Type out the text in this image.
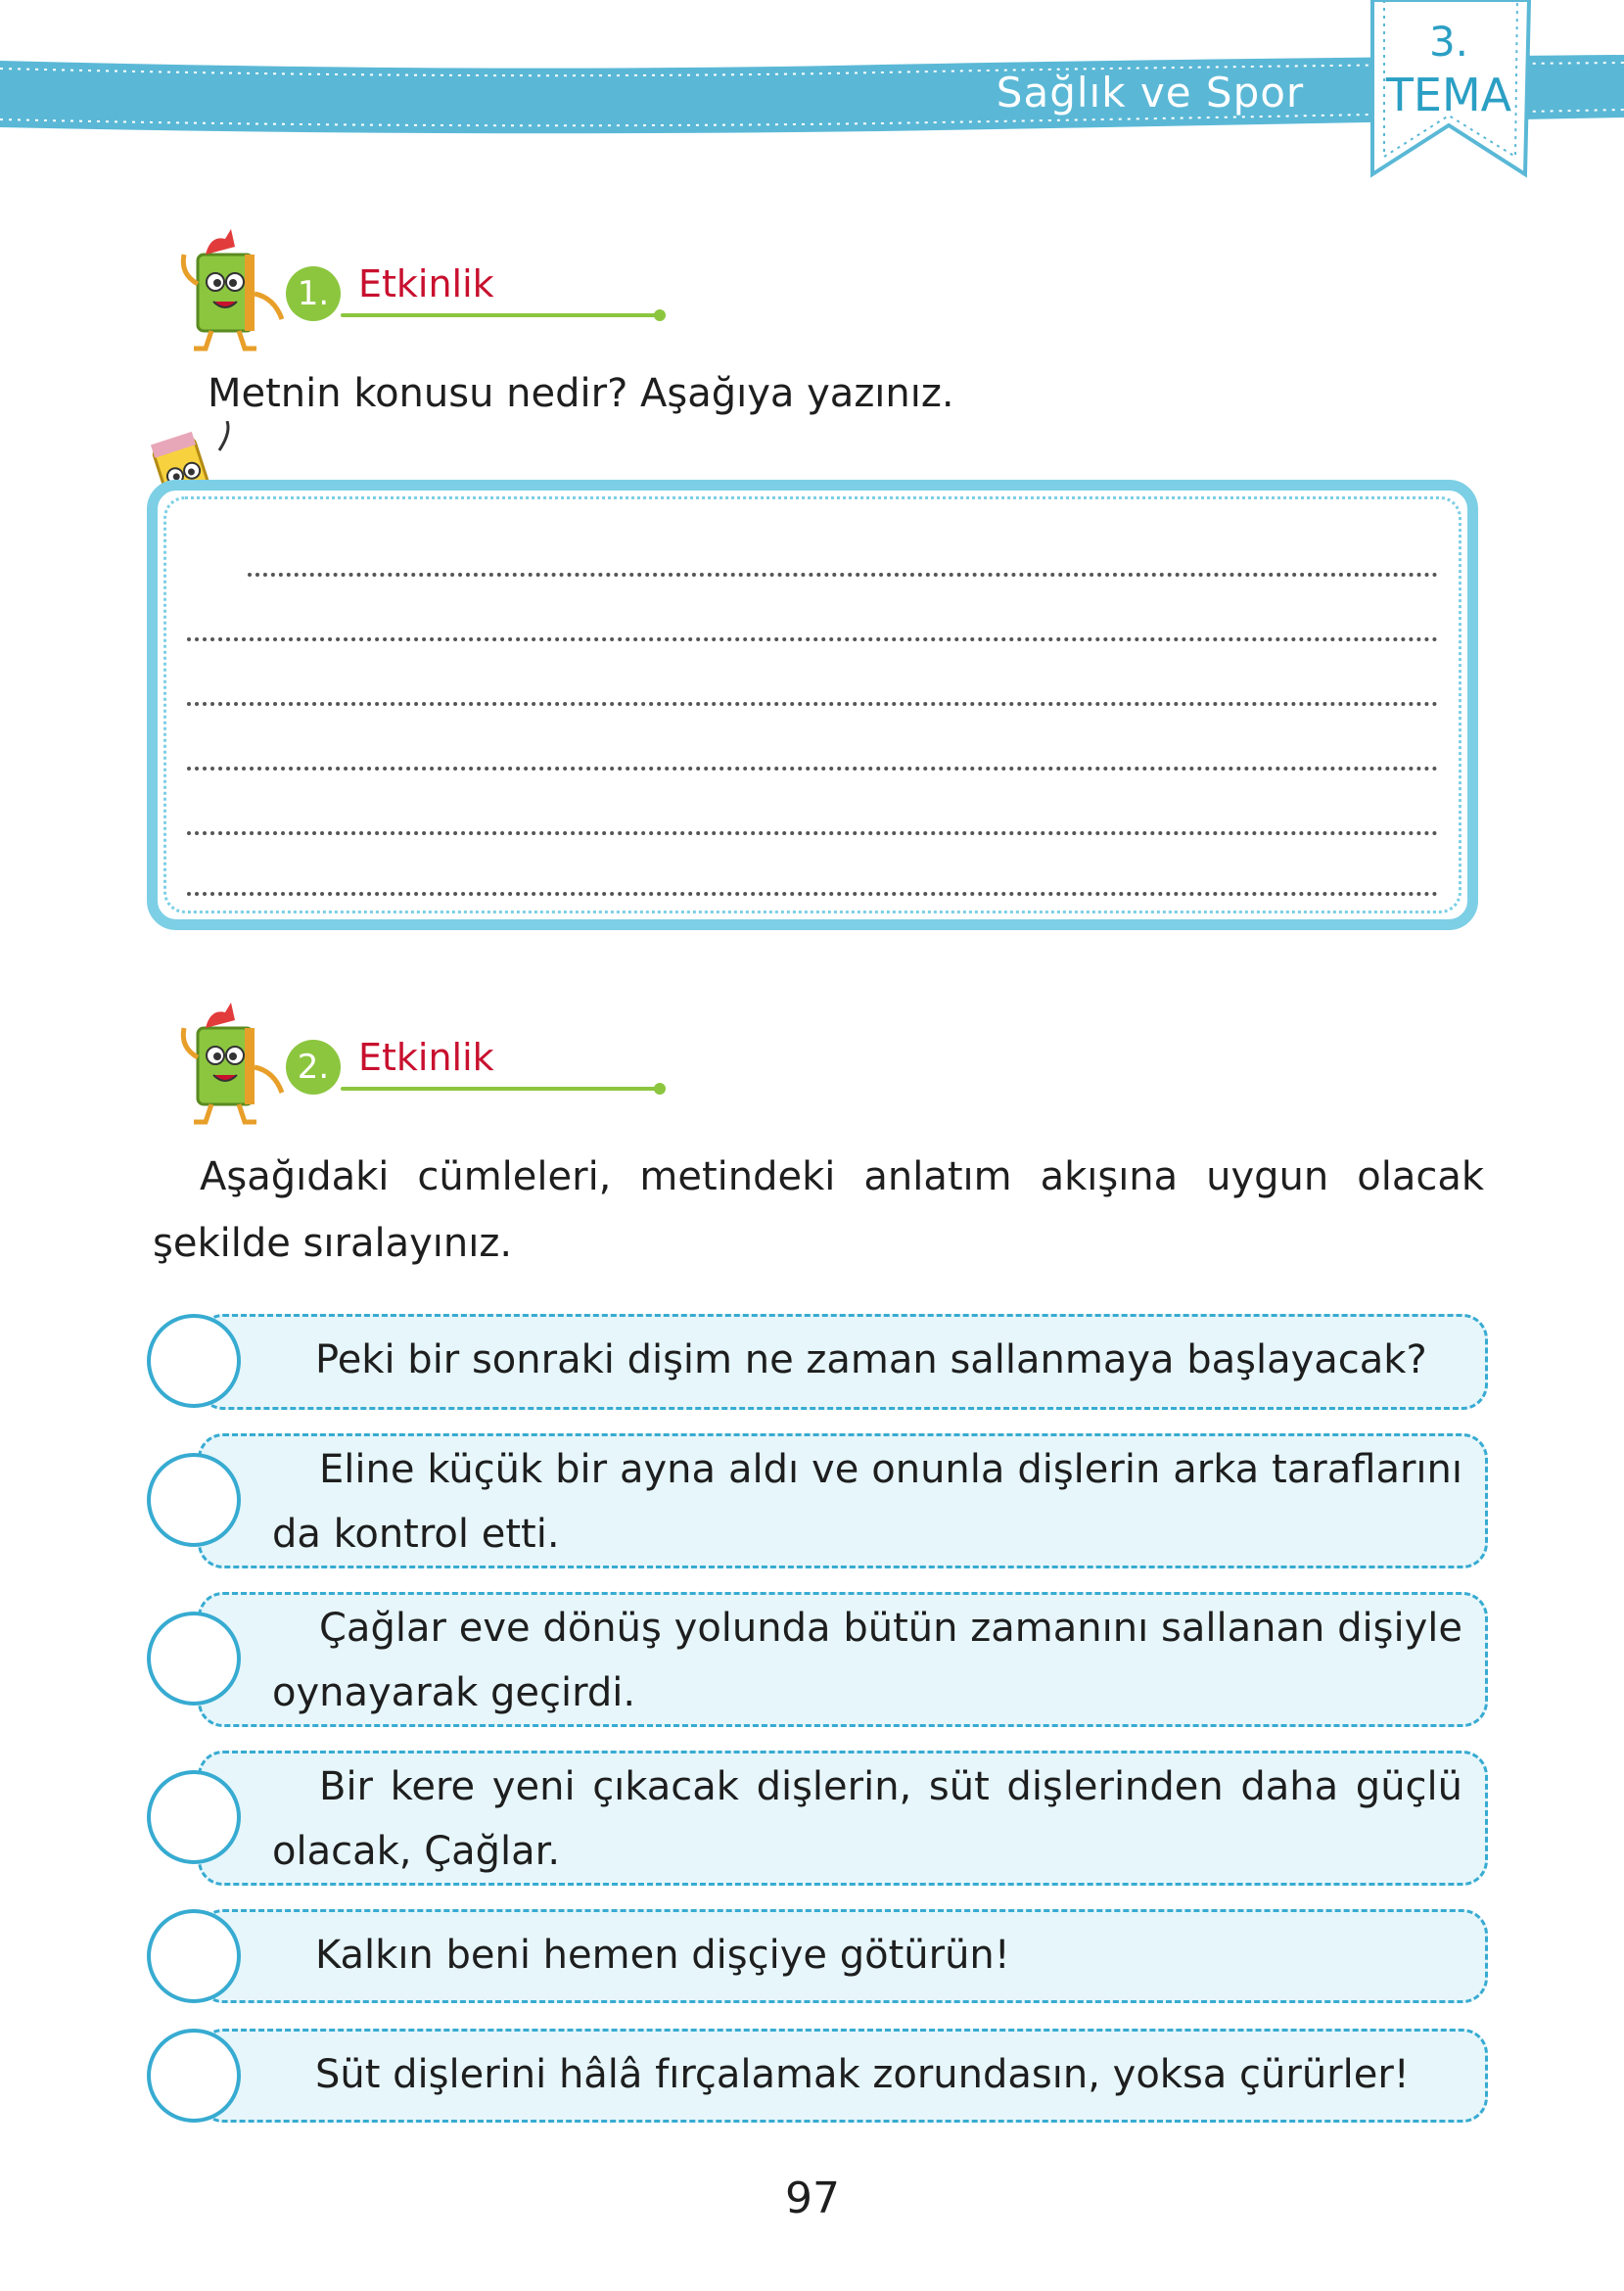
Sağlık ve Spor
3.
TEMA
1. Etkinlik
Metnin konusu nedir? Aşağıya yazınız.
2. Etkinlik
Aşağıdaki cümleleri, metindeki anlatım akışına uygun olacak şekilde sıralayınız.
Peki bir sonraki dişim ne zaman sallanmaya başlayacak?
Eline küçük bir ayna aldı ve onunla dişlerin arka taraflarını da kontrol etti.
Çağlar eve dönüş yolunda bütün zamanını sallanan dişiyle oynayarak geçirdi.
Bir kere yeni çıkacak dişlerin, süt dişlerinden daha güçlü olacak, Çağlar.
Kalkın beni hemen dişçiye götürün!
Süt dişlerini hâlâ fırçalamak zorundasın, yoksa çürürler!
97
